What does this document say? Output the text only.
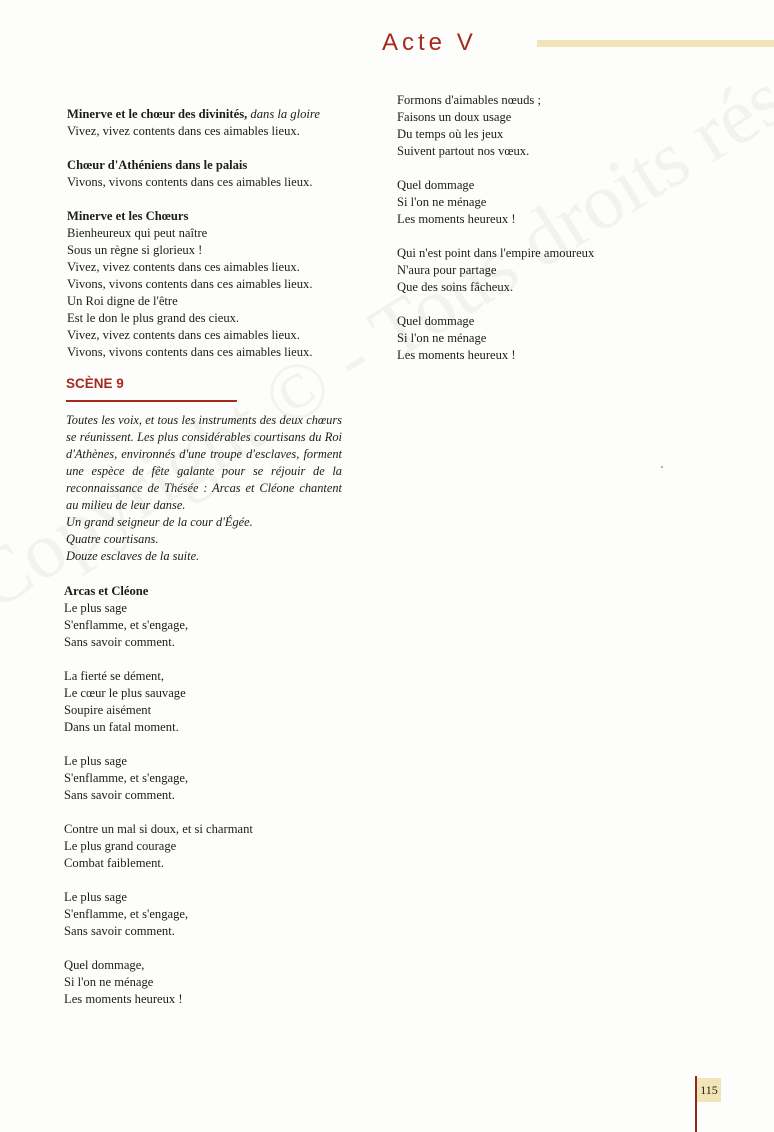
Acte V
Minerve et le chœur des divinités, dans la gloire
Vivez, vivez contents dans ces aimables lieux.
Chœur d'Athéniens dans le palais
Vivons, vivons contents dans ces aimables lieux.
Minerve et les Chœurs
Bienheureux qui peut naître
Sous un règne si glorieux !
Vivez, vivez contents dans ces aimables lieux.
Vivons, vivons contents dans ces aimables lieux.
Un Roi digne de l'être
Est le don le plus grand des cieux.
Vivez, vivez contents dans ces aimables lieux.
Vivons, vivons contents dans ces aimables lieux.
SCÈNE 9
Toutes les voix, et tous les instruments des deux chœurs se réunissent. Les plus considérables courtisans du Roi d'Athènes, environnés d'une troupe d'esclaves, forment une espèce de fête galante pour se réjouir de la reconnaissance de Thésée : Arcas et Cléone chantent au milieu de leur danse.
Un grand seigneur de la cour d'Égée.
Quatre courtisans.
Douze esclaves de la suite.
Arcas et Cléone
Le plus sage
S'enflamme, et s'engage,
Sans savoir comment.
La fierté se dément,
Le cœur le plus sauvage
Soupire aisément
Dans un fatal moment.
Le plus sage
S'enflamme, et s'engage,
Sans savoir comment.
Contre un mal si doux, et si charmant
Le plus grand courage
Combat faiblement.
Le plus sage
S'enflamme, et s'engage,
Sans savoir comment.
Quel dommage,
Si l'on ne ménage
Les moments heureux !
Formons d'aimables nœuds ;
Faisons un doux usage
Du temps où les jeux
Suivent partout nos vœux.
Quel dommage
Si l'on ne ménage
Les moments heureux !
Qui n'est point dans l'empire amoureux
N'aura pour partage
Que des soins fâcheux.
Quel dommage
Si l'on ne ménage
Les moments heureux !
115
